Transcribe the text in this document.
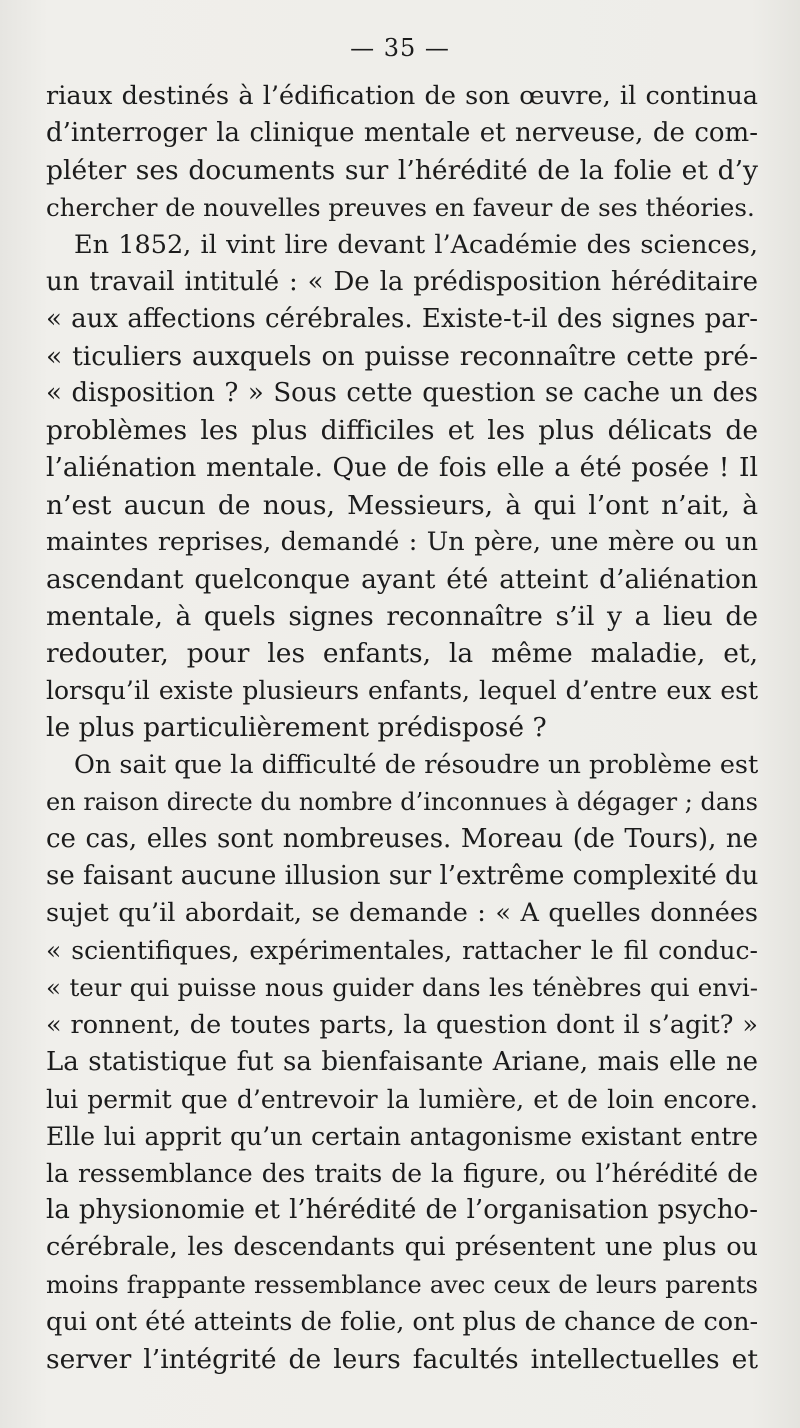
— 35 —
riaux destinés à l’édification de son œuvre, il continua
d’interroger la clinique mentale et nerveuse, de com-
pléter ses documents sur l’hérédité de la folie et d’y
chercher de nouvelles preuves en faveur de ses théories.
En 1852, il vint lire devant l’Académie des sciences,
un travail intitulé : « De la prédisposition héréditaire
« aux affections cérébrales. Existe-t-il des signes par-
« ticuliers auxquels on puisse reconnaître cette pré-
« disposition ? » Sous cette question se cache un des
problèmes les plus difficiles et les plus délicats de
l’aliénation mentale. Que de fois elle a été posée ! Il
n’est aucun de nous, Messieurs, à qui l’ont n’ait, à
maintes reprises, demandé : Un père, une mère ou un
ascendant quelconque ayant été atteint d’aliénation
mentale, à quels signes reconnaître s’il y a lieu de
redouter, pour les enfants, la même maladie, et,
lorsqu’il existe plusieurs enfants, lequel d’entre eux est
le plus particulièrement prédisposé ?
On sait que la difficulté de résoudre un problème est
en raison directe du nombre d’inconnues à dégager ; dans
ce cas, elles sont nombreuses. Moreau (de Tours), ne
se faisant aucune illusion sur l’extrême complexité du
sujet qu’il abordait, se demande : « A quelles données
« scientifiques, expérimentales, rattacher le fil conduc-
« teur qui puisse nous guider dans les ténèbres qui envi-
« ronnent, de toutes parts, la question dont il s’agit? »
La statistique fut sa bienfaisante Ariane, mais elle ne
lui permit que d’entrevoir la lumière, et de loin encore.
Elle lui apprit qu’un certain antagonisme existant entre
la ressemblance des traits de la figure, ou l’hérédité de
la physionomie et l’hérédité de l’organisation psycho-
cérébrale, les descendants qui présentent une plus ou
moins frappante ressemblance avec ceux de leurs parents
qui ont été atteints de folie, ont plus de chance de con-
server l’intégrité de leurs facultés intellectuelles et
